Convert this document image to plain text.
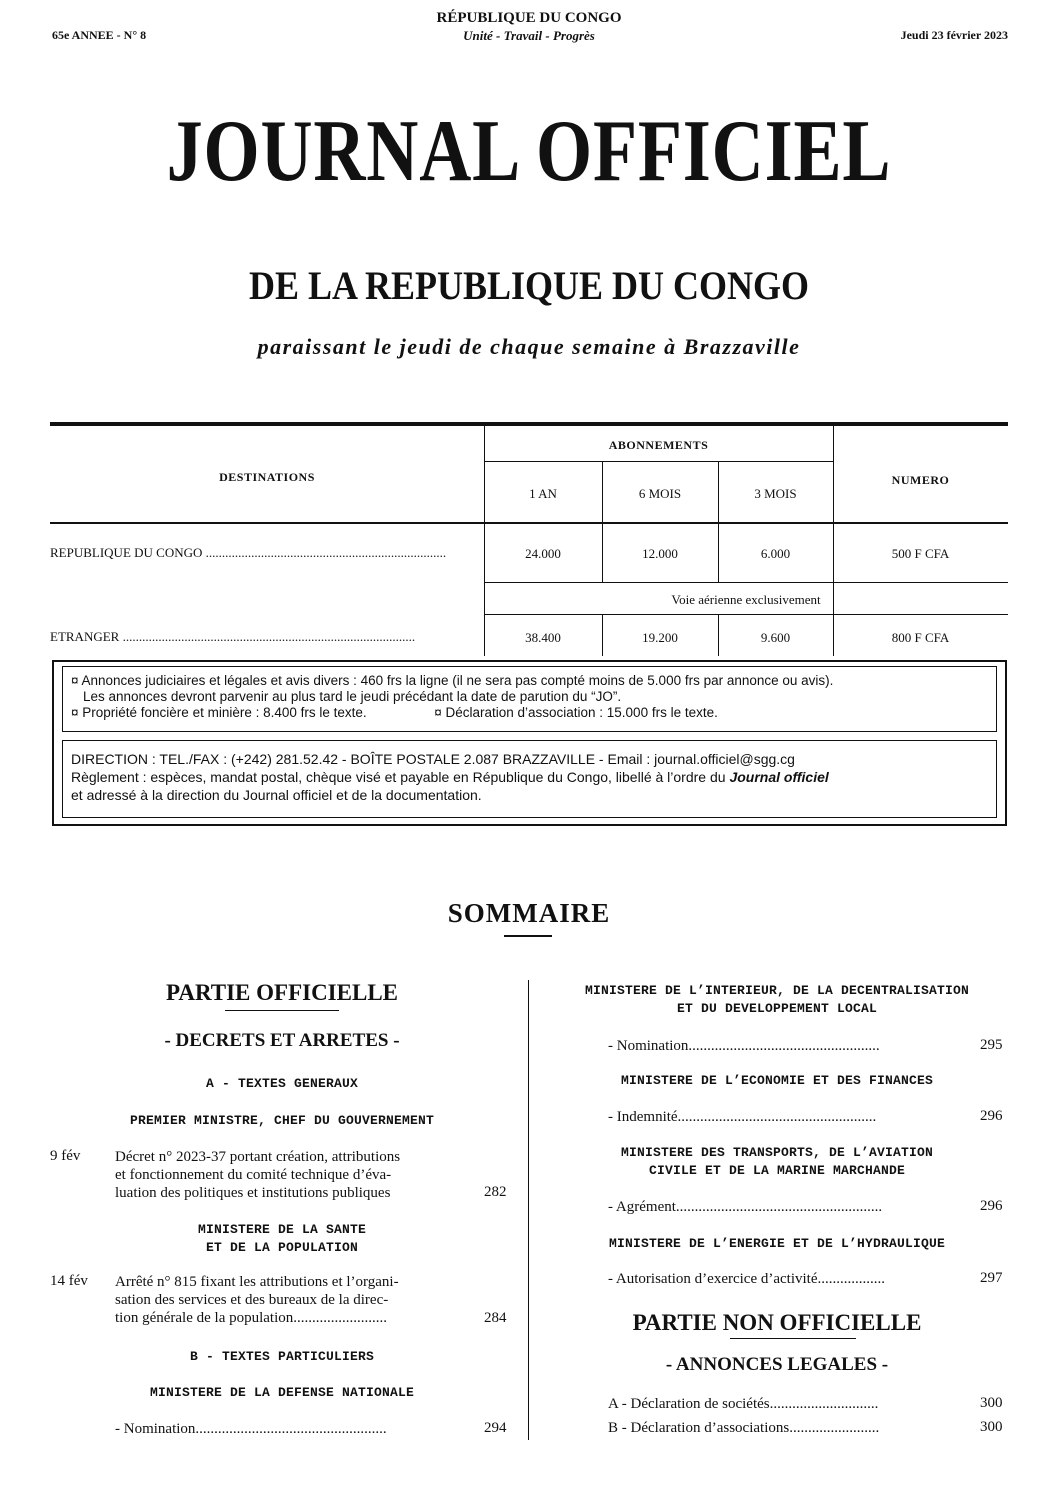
65e ANNEE - N° 8
RÉPUBLIQUE DU CONGO
Unité - Travail - Progrès	Jeudi 23 février 2023
JOURNAL OFFICIEL
DE LA REPUBLIQUE DU CONGO
paraissant le jeudi de chaque semaine à Brazzaville
DESTINATIONS
ABONNEMENTS
NUMERO
1 AN	6 MOIS	3 MOIS
REPUBLIQUE DU CONGO ..........................................................................	24.000	12.000	6.000	500 F CFA
Voie aérienne exclusivement
ETRANGER ..........................................................................................	38.400	19.200	9.600	800 F CFA
¤ Annonces judiciaires et légales et avis divers : 460 frs la ligne (il ne sera pas compté moins de 5.000 frs par annonce ou avis).
Les annonces devront parvenir au plus tard le jeudi précédant la date de parution du “JO”.
¤ Propriété foncière et minière : 8.400 frs le texte.	¤ Déclaration d’association : 15.000 frs le texte.
DIRECTION : TEL./FAX : (+242) 281.52.42 - BOÎTE POSTALE 2.087 BRAZZAVILLE - Email : journal.officiel@sgg.cg
Règlement : espèces, mandat postal, chèque visé et payable en République du Congo, libellé à l’ordre du Journal officiel
et adressé à la direction du Journal officiel et de la documentation.
SOMMAIRE
PARTIE OFFICIELLE
- DECRETS ET ARRETES -
A - TEXTES GENERAUX
PREMIER MINISTRE, CHEF DU GOUVERNEMENT
9 fév Décret n° 2023-37 portant création, attributions
et fonctionnement du comité technique d’éva-
luation des politiques et institutions publiques	282
MINISTERE DE LA SANTE
ET DE LA POPULATION
14 fév Arrêté n° 815 fixant les attributions et l’organi-
sation des services et des bureaux de la direc-
tion générale de la population.........................	284
B - TEXTES PARTICULIERS
MINISTERE DE LA DEFENSE NATIONALE
- Nomination...................................................	294
MINISTERE DE L’INTERIEUR, DE LA DECENTRALISATION
ET DU DEVELOPPEMENT LOCAL
- Nomination...................................................	295
MINISTERE DE L’ECONOMIE ET DES FINANCES
- Indemnité.....................................................	296
MINISTERE DES TRANSPORTS, DE L’AVIATION
CIVILE ET DE LA MARINE MARCHANDE
- Agrément.......................................................	296
MINISTERE DE L’ENERGIE ET DE L’HYDRAULIQUE
- Autorisation d’exercice d’activité..................	297
PARTIE NON OFFICIELLE
- ANNONCES LEGALES -
A - Déclaration de sociétés.............................	300
B - Déclaration d’associations........................	300
